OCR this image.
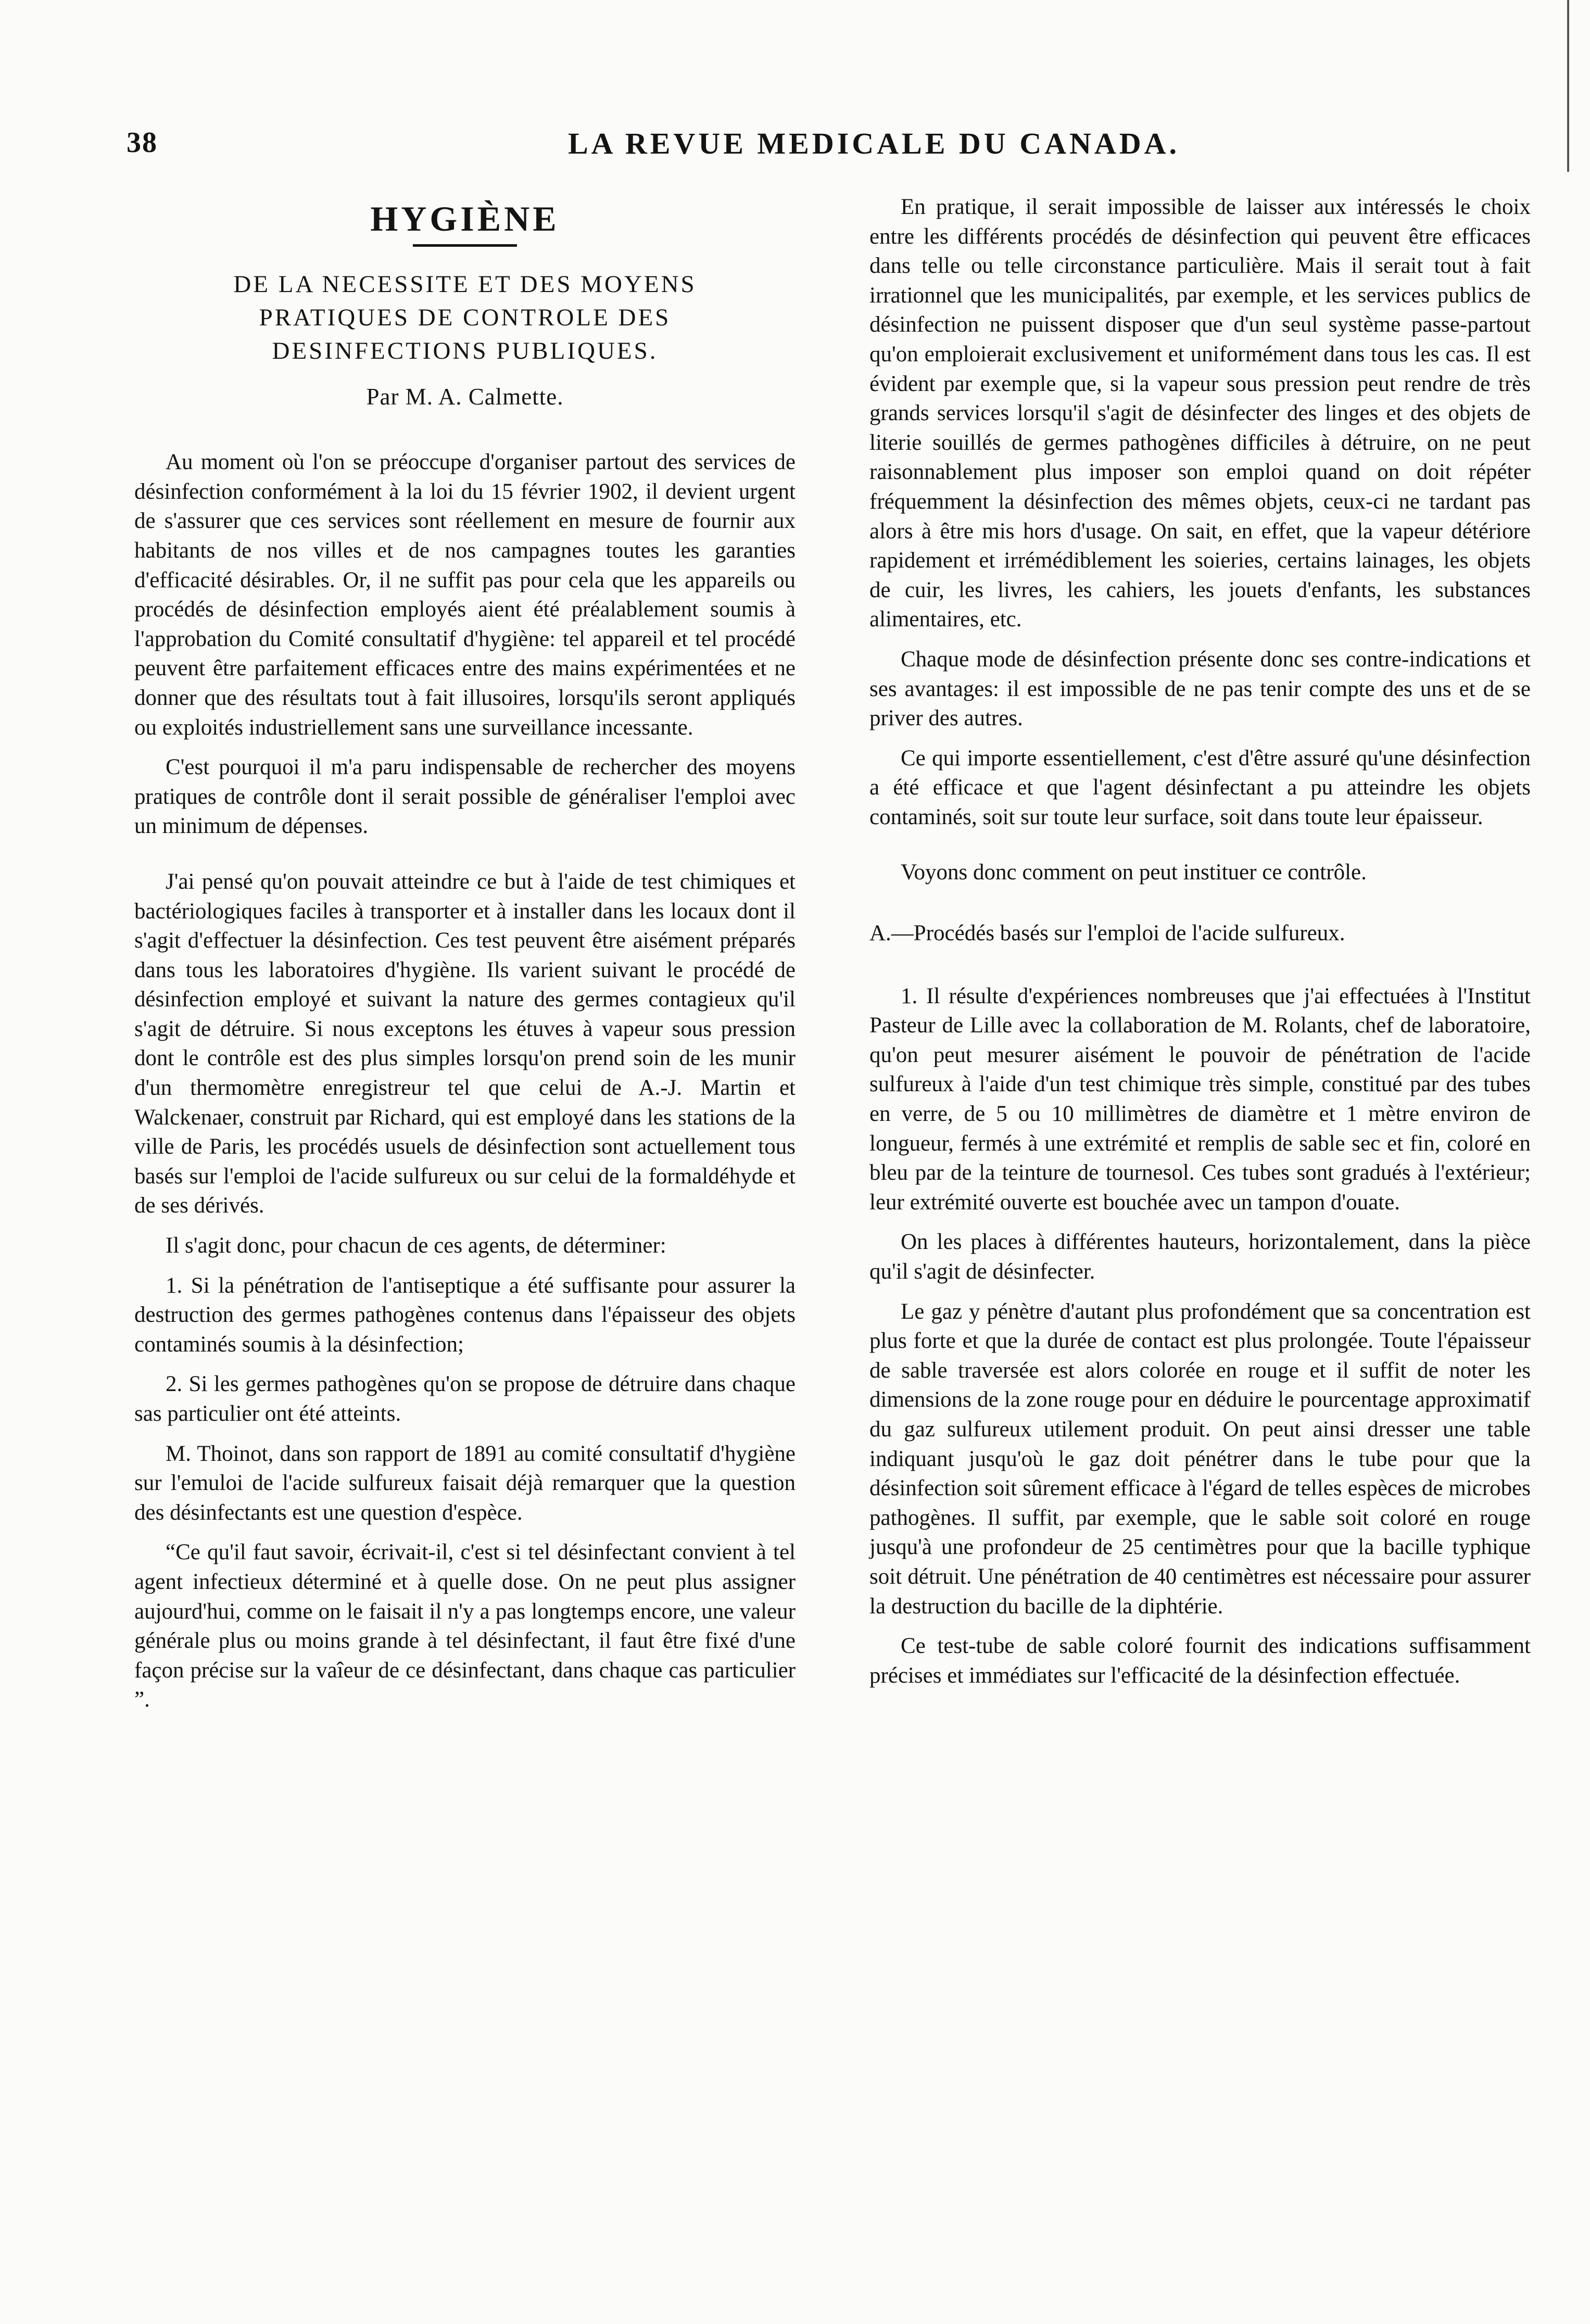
38	LA REVUE MEDICALE DU CANADA.
HYGIÈNE
DE LA NECESSITE ET DES MOYENS PRATIQUES DE CONTROLE DES DESINFECTIONS PUBLIQUES.
Par M. A. Calmette.

Au moment où l'on se préoccupe d'organiser partout des services de désinfection conformément à la loi du 15 février 1902, il devient urgent de s'assurer que ces services sont réellement en mesure de fournir aux habitants de nos villes et de nos campagnes toutes les garanties d'efficacité désirables. Or, il ne suffit pas pour cela que les appareils ou procédés de désinfection employés aient été préalablement soumis à l'approbation du Comité consultatif d'hygiène: tel appareil et tel procédé peuvent être parfaitement efficaces entre des mains expérimentées et ne donner que des résultats tout à fait illusoires, lorsqu'ils seront appliqués ou exploités industriellement sans une surveillance incessante.

C'est pourquoi il m'a paru indispensable de rechercher des moyens pratiques de contrôle dont il serait possible de généraliser l'emploi avec un minimum de dépenses.

J'ai pensé qu'on pouvait atteindre ce but à l'aide de test chimiques et bactériologiques faciles à transporter et à installer dans les locaux dont il s'agit d'effectuer la désinfection. Ces test peuvent être aisément préparés dans tous les laboratoires d'hygiène. Ils varient suivant le procédé de désinfection employé et suivant la nature des germes contagieux qu'il s'agit de détruire. Si nous exceptons les étuves à vapeur sous pression dont le contrôle est des plus simples lorsqu'on prend soin de les munir d'un thermomètre enregistreur tel que celui de A.-J. Martin et Walckenaer, construit par Richard, qui est employé dans les stations de la ville de Paris, les procédés usuels de désinfection sont actuellement tous basés sur l'emploi de l'acide sulfureux ou sur celui de la formaldéhyde et de ses dérivés.

Il s'agit donc, pour chacun de ces agents, de déterminer:

1. Si la pénétration de l'antiseptique a été suffisante pour assurer la destruction des germes pathogènes contenus dans l'épaisseur des objets contaminés soumis à la désinfection;

2. Si les germes pathogènes qu'on se propose de détruire dans chaque sas particulier ont été atteints.

M. Thoinot, dans son rapport de 1891 au comité consultatif d'hygiène sur l'emuloi de l'acide sulfureux faisait déjà remarquer que la question des désinfectants est une question d'espèce.

“Ce qu'il faut savoir, écrivait-il, c'est si tel désinfectant convient à tel agent infectieux déterminé et à quelle dose. On ne peut plus assigner aujourd'hui, comme on le faisait il n'y a pas longtemps encore, une valeur générale plus ou moins grande à tel désinfectant, il faut être fixé d'une façon précise sur la vaîeur de ce désinfectant, dans chaque cas particulier ”.

En pratique, il serait impossible de laisser aux intéressés le choix entre les différents procédés de désinfection qui peuvent être efficaces dans telle ou telle circonstance particulière. Mais il serait tout à fait irrationnel que les municipalités, par exemple, et les services publics de désinfection ne puissent disposer que d'un seul système passe-partout qu'on emploierait exclusivement et uniformément dans tous les cas. Il est évident par exemple que, si la vapeur sous pression peut rendre de très grands services lorsqu'il s'agit de désinfecter des linges et des objets de literie souillés de germes pathogènes difficiles à détruire, on ne peut raisonnablement plus imposer son emploi quand on doit répéter fréquemment la désinfection des mêmes objets, ceux-ci ne tardant pas alors à être mis hors d'usage. On sait, en effet, que la vapeur détériore rapidement et irrémédiblement les soieries, certains lainages, les objets de cuir, les livres, les cahiers, les jouets d'enfants, les substances alimentaires, etc.

Chaque mode de désinfection présente donc ses contre-indications et ses avantages: il est impossible de ne pas tenir compte des uns et de se priver des autres.

Ce qui importe essentiellement, c'est d'être assuré qu'une désinfection a été efficace et que l'agent désinfectant a pu atteindre les objets contaminés, soit sur toute leur surface, soit dans toute leur épaisseur.

Voyons donc comment on peut instituer ce contrôle.

A.—Procédés basés sur l'emploi de l'acide sulfureux.

1. Il résulte d'expériences nombreuses que j'ai effectuées à l'Institut Pasteur de Lille avec la collaboration de M. Rolants, chef de laboratoire, qu'on peut mesurer aisément le pouvoir de pénétration de l'acide sulfureux à l'aide d'un test chimique très simple, constitué par des tubes en verre, de 5 ou 10 millimètres de diamètre et 1 mètre environ de longueur, fermés à une extrémité et remplis de sable sec et fin, coloré en bleu par de la teinture de tournesol. Ces tubes sont gradués à l'extérieur; leur extrémité ouverte est bouchée avec un tampon d'ouate.

On les places à différentes hauteurs, horizontalement, dans la pièce qu'il s'agit de désinfecter.

Le gaz y pénètre d'autant plus profondément que sa concentration est plus forte et que la durée de contact est plus prolongée. Toute l'épaisseur de sable traversée est alors colorée en rouge et il suffit de noter les dimensions de la zone rouge pour en déduire le pourcentage approximatif du gaz sulfureux utilement produit. On peut ainsi dresser une table indiquant jusqu'où le gaz doit pénétrer dans le tube pour que la désinfection soit sûrement efficace à l'égard de telles espèces de microbes pathogènes. Il suffit, par exemple, que le sable soit coloré en rouge jusqu'à une profondeur de 25 centimètres pour que la bacille typhique soit détruit. Une pénétration de 40 centimètres est nécessaire pour assurer la destruction du bacille de la diphtérie.

Ce test-tube de sable coloré fournit des indications suffisamment précises et immédiates sur l'efficacité de la désinfection effectuée.
